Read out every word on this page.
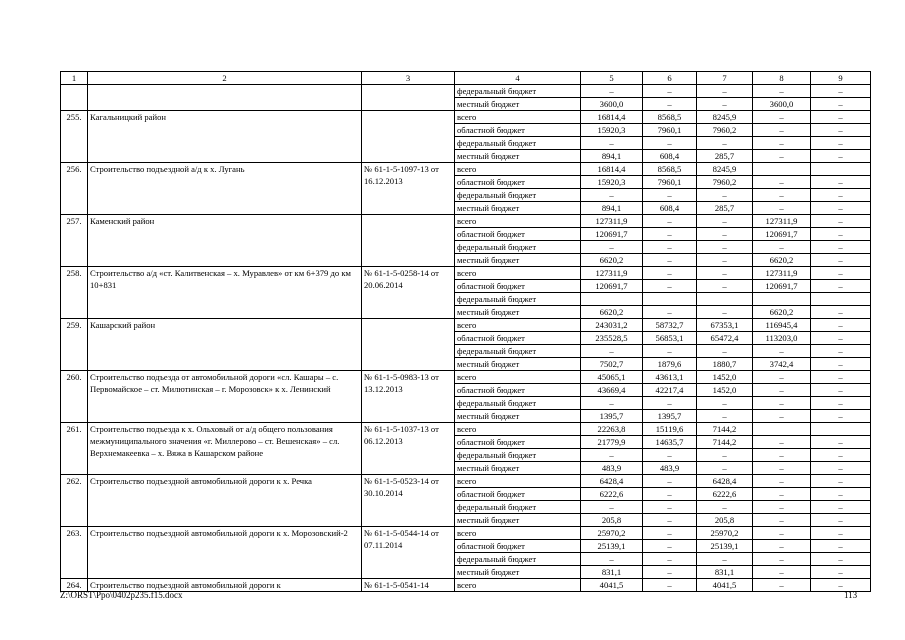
1	2	3	4	5	6	7	8	9
			федеральный бюджет	–	–	–	–	–
			местный бюджет	3600,0	–	–	3600,0	–
255.	Кагальницкий район		всего	16814,4	8568,5	8245,9	–	–
			областной бюджет	15920,3	7960,1	7960,2	–	–
			федеральный бюджет	–	–	–	–	–
			местный бюджет	894,1	608,4	285,7	–	–
256.	Строительство подъездной а/д к х. Лугань	№ 61-1-5-1097-13 от 16.12.2013	всего	16814,4	8568,5	8245,9		
			областной бюджет	15920,3	7960,1	7960,2	–	–
			федеральный бюджет	–	–	–	–	–
			местный бюджет	894,1	608,4	285,7	–	–
257.	Каменский район		всего	127311,9	–	–	127311,9	–
			областной бюджет	120691,7	–	–	120691,7	–
			федеральный бюджет	–	–	–	–	–
			местный бюджет	6620,2	–	–	6620,2	–
258.	Строительство а/д «ст. Калитвенская – х. Муравлев» от км 6+379 до км 10+831	№ 61-1-5-0258-14 от 20.06.2014	всего	127311,9	–	–	127311,9	–
			областной бюджет	120691,7	–	–	120691,7	–
			федеральный бюджет					
			местный бюджет	6620,2	–	–	6620,2	–
259.	Кашарский район		всего	243031,2	58732,7	67353,1	116945,4	–
			областной бюджет	235528,5	56853,1	65472,4	113203,0	–
			федеральный бюджет	–	–	–	–	–
			местный бюджет	7502,7	1879,6	1880,7	3742,4	–
260.	Строительство подъезда от автомобильной дороги «сл. Кашары – с. Первомайское – ст. Милютинская – г. Морозовск» к х. Ленинский	№ 61-1-5-0983-13 от 13.12.2013	всего	45065,1	43613,1	1452,0	–	–
			областной бюджет	43669,4	42217,4	1452,0	–	–
			федеральный бюджет	–	–	–	–	–
			местный бюджет	1395,7	1395,7	–	–	–
261.	Строительство подъезда к х. Ольховый от а/д общего пользования межмуниципального значения «г. Миллерово – ст. Вешенская» – сл. Верхнемакеевка – х. Вяжа в Кашарском районе	№ 61-1-5-1037-13 от 06.12.2013	всего	22263,8	15119,6	7144,2		
			областной бюджет	21779,9	14635,7	7144,2	–	–
			федеральный бюджет	–	–	–	–	–
			местный бюджет	483,9	483,9	–	–	–
262.	Строительство подъездной автомобильной дороги к х. Речка	№ 61-1-5-0523-14 от 30.10.2014	всего	6428,4	–	6428,4	–	–
			областной бюджет	6222,6	–	6222,6	–	–
			федеральный бюджет	–	–	–	–	–
			местный бюджет	205,8	–	205,8	–	–
263.	Строительство подъездной автомобильной дороги к х. Морозовский-2	№ 61-1-5-0544-14 от 07.11.2014	всего	25970,2	–	25970,2	–	–
			областной бюджет	25139,1	–	25139,1	–	–
			федеральный бюджет	–	–	–	–	–
			местный бюджет	831,1	–	831,1	–	–
264.	Строительство подъездной автомобильной дороги к	№ 61-1-5-0541-14	всего	4041,5	–	4041,5	–	–
Z:\ORST\Ppo\0402p235.f15.docx	113
